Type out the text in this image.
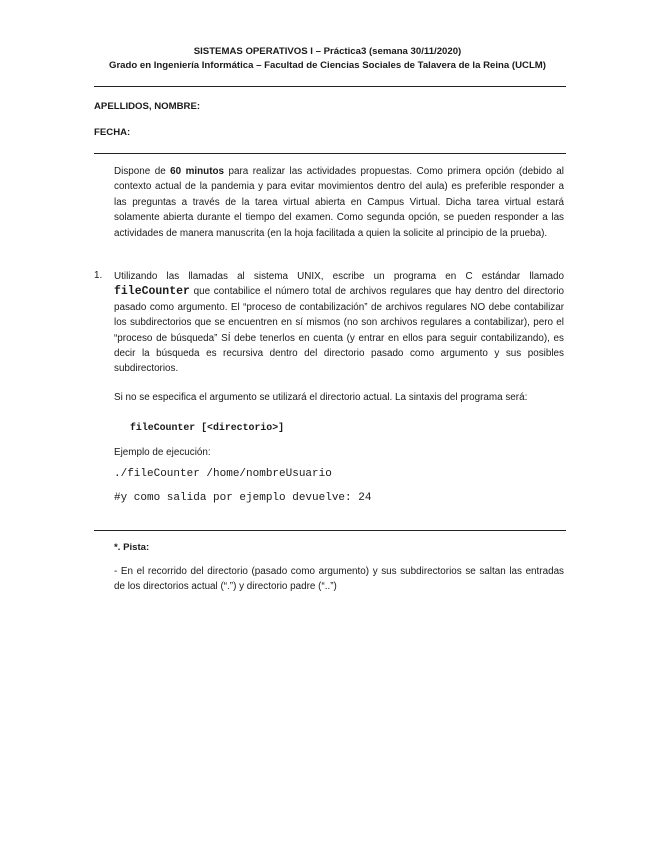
SISTEMAS OPERATIVOS I – Práctica3 (semana 30/11/2020)
Grado en Ingeniería Informática – Facultad de Ciencias Sociales de Talavera de la Reina (UCLM)
APELLIDOS, NOMBRE:
FECHA:
Dispone de 60 minutos para realizar las actividades propuestas. Como primera opción (debido al contexto actual de la pandemia y para evitar movimientos dentro del aula) es preferible responder a las preguntas a través de la tarea virtual abierta en Campus Virtual. Dicha tarea virtual estará solamente abierta durante el tiempo del examen. Como segunda opción, se pueden responder a las actividades de manera manuscrita (en la hoja facilitada a quien la solicite al principio de la prueba).
1. Utilizando las llamadas al sistema UNIX, escribe un programa en C estándar llamado fileCounter que contabilice el número total de archivos regulares que hay dentro del directorio pasado como argumento. El “proceso de contabilización” de archivos regulares NO debe contabilizar los subdirectorios que se encuentren en sí mismos (no son archivos regulares a contabilizar), pero el “proceso de búsqueda” SÍ debe tenerlos en cuenta (y entrar en ellos para seguir contabilizando), es decir la búsqueda es recursiva dentro del directorio pasado como argumento y sus posibles subdirectorios.
Si no se especifica el argumento se utilizará el directorio actual. La sintaxis del programa será:
fileCounter [<directorio>]
Ejemplo de ejecución:
./fileCounter /home/nombreUsuario
#y como salida por ejemplo devuelve: 24
*. Pista:
- En el recorrido del directorio (pasado como argumento) y sus subdirectorios se saltan las entradas de los directorios actual (“.”) y directorio padre (“..”)
